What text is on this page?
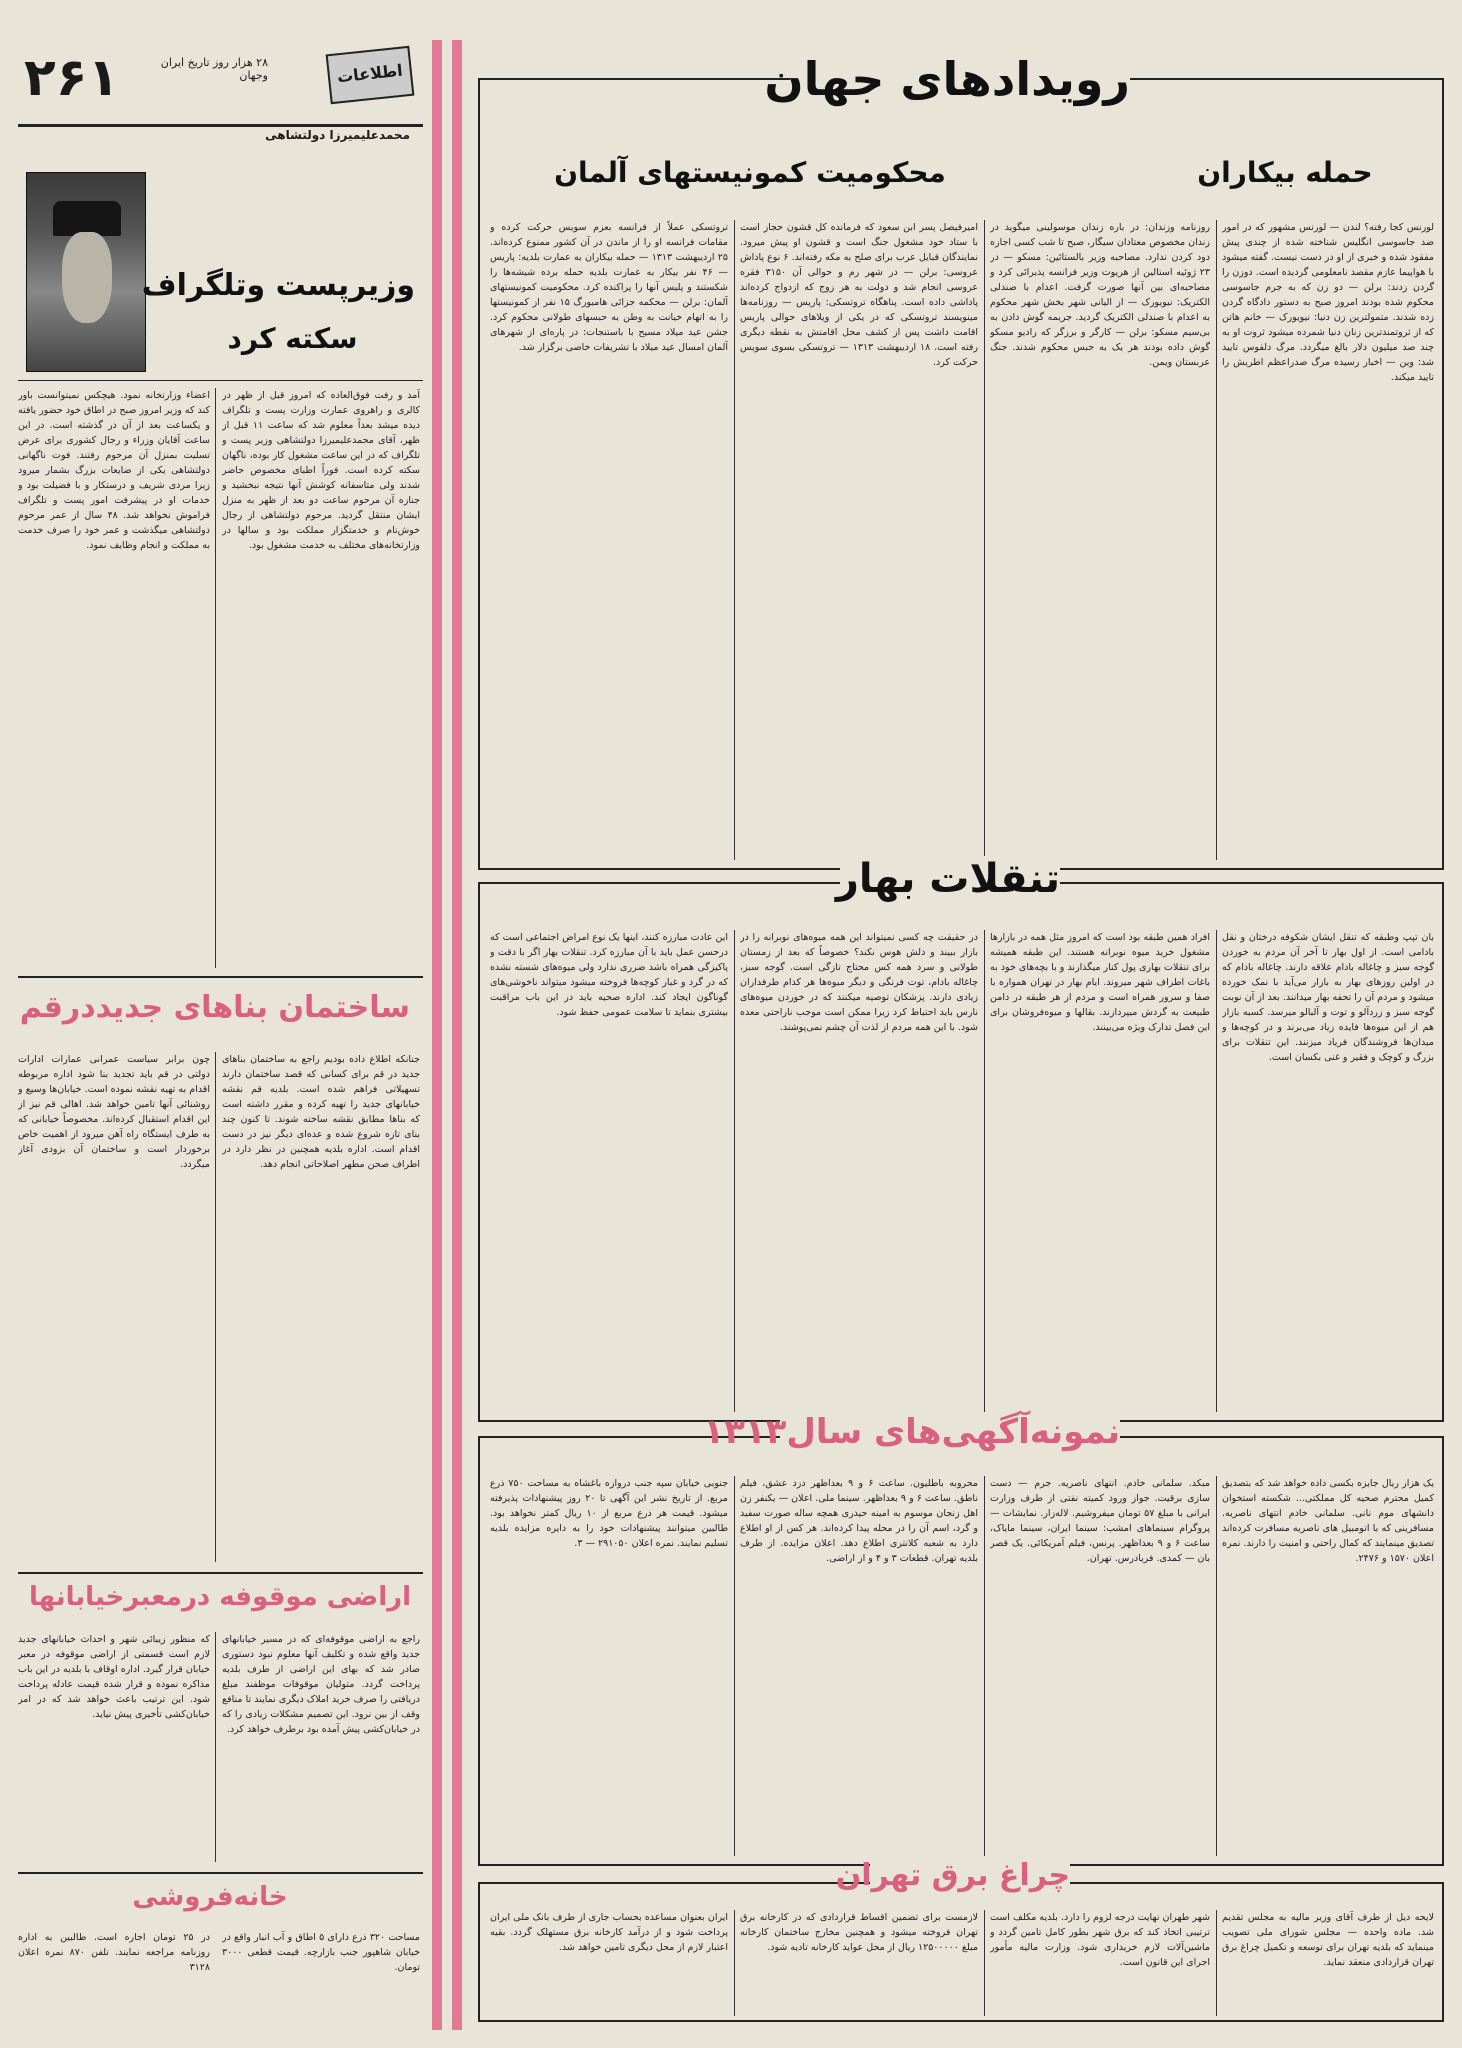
۲۶۱	۲۸ هزار روز تاریخ ایران وجهان	اطلاعات
محمدعلیمیرزا دولتشاهی
وزیرپست وتلگراف
سکته کرد
آمد و رفت فوق‌العاده که امروز قبل از ظهر در کالری و راهروی عمارت وزارت پست و تلگراف دیده میشد بعداً معلوم شد که ساعت ۱۱ قبل از ظهر، آقای محمدعلیمیرزا دولتشاهی وزیر پست و تلگراف که در این ساعت مشغول کار بوده، ناگهان سکته کرده است. فوراً اطبای مخصوص حاضر شدند ولی متاسفانه کوشش آنها نتیجه نبخشید و جنازه آن مرحوم ساعت دو بعد از ظهر به منزل ایشان منتقل گردید. مرحوم دولتشاهی از رجال خوش‌نام و خدمتگزار مملکت بود و سالها در وزارتخانه‌های مختلف به خدمت مشغول بود.
اعضاء وزارتخانه نمود. هیچکس نمیتوانست باور کند که وزیر امروز صبح در اطاق خود حضور یافته و یکساعت بعد از آن در گذشته است. در این ساعت آقایان وزراء و رجال کشوری برای عرض تسلیت بمنزل آن مرحوم رفتند. فوت ناگهانی دولتشاهی یکی از ضایعات بزرگ بشمار میرود زیرا مردی شریف و درستکار و با فضیلت بود و خدمات او در پیشرفت امور پست و تلگراف فراموش نخواهد شد. ۴۸ سال از عمر مرحوم دولتشاهی میگذشت و عمر خود را صرف خدمت به مملکت و انجام وظایف نمود.
ساختمان بناهای جدیددرقم
جنانکه اطلاع داده بودیم راجع به ساختمان بناهای جدید در قم برای کسانی که قصد ساختمان دارند تسهیلاتی فراهم شده است. بلدیه قم نقشه خیابانهای جدید را تهیه کرده و مقرر داشته است که بناها مطابق نقشه ساخته شوند. تا کنون چند بنای تازه شروع شده و عده‌ای دیگر نیز در دست اقدام است. اداره بلدیه همچنین در نظر دارد در اطراف صحن مطهر اصلاحاتی انجام دهد.
چون برابر سیاست عمرانی عمارات ادارات دولتی در قم باید تجدید بنا شود اداره مربوطه اقدام به تهیه نقشه نموده است. خیابان‌ها وسیع و روشنائی آنها تامین خواهد شد. اهالی قم نیز از این اقدام استقبال کرده‌اند. مخصوصاً خیابانی که به طرف ایستگاه راه آهن میرود از اهمیت خاص برخوردار است و ساختمان آن بزودی آغاز میگردد.
اراضی موقوفه درمعبرخیابانها
راجع به اراضی موقوفه‌ای که در مسیر خیابانهای جدید واقع شده و تکلیف آنها معلوم نبود دستوری صادر شد که بهای این اراضی از طرف بلدیه پرداخت گردد. متولیان موقوفات موظفند مبلغ دریافتی را صرف خرید املاک دیگری نمایند تا منافع وقف از بین نرود. این تصمیم مشکلات زیادی را که در خیابان‌کشی پیش آمده بود برطرف خواهد کرد.
که منظور زیبائی شهر و احداث خیابانهای جدید لازم است قسمتی از اراضی موقوفه در معبر خیابان قرار گیرد. اداره اوقاف با بلدیه در این باب مذاکره نموده و قرار شده قیمت عادله پرداخت شود. این ترتیب باعث خواهد شد که در امر خیابان‌کشی تأخیری پیش نیاید.
خانه‌فروشی
مساحت ۳۲۰ ذرع دارای ۵ اطاق و آب انبار واقع در خیابان شاهپور جنب بازارچه. قیمت قطعی ۳۰۰۰ تومان.
در ۲۵ تومان اجاره است. طالبین به اداره روزنامه مراجعه نمایند. تلفن ۸۷۰ نمره اعلان ۳۱۲۸
رویدادهای جهان
حمله بیکاران
محکومیت کمونیستهای آلمان
لورنس کجا رفته؟ لندن — لورنس مشهور که در امور ضد جاسوسی انگلیس شناخته شده از چندی پیش مفقود شده و خبری از او در دست نیست. گفته میشود با هواپیما عازم مقصد نامعلومی گردیده است. دوزن را گردن زدند: برلن — دو زن که به جرم جاسوسی محکوم شده بودند امروز صبح به دستور دادگاه گردن زده شدند. متمولترین زن دنیا: نیویورک — خانم هاتن که از ثروتمندترین زنان دنیا شمرده میشود ثروت او به چند صد میلیون دلار بالغ میگردد. مرگ دلفوس تایید شد: وین — اخبار رسیده مرگ صدراعظم اطریش را تایید میکند.
روزنامه وزندان: در باره زندان موسولینی میگوید در زندان مخصوص معتادان سیگار، صبح تا شب کسی اجازه دود کردن ندارد. مصاحبه وزیر بالستائین: مسکو — در ۲۳ ژوئیه استالین از هریوت وزیر فرانسه پذیرائی کرد و مصاحبه‌ای بین آنها صورت گرفت. اعدام با صندلی الکتریک: نیویورک — از الیانی شهر بخش شهر محکوم به اعدام با صندلی الکتریک گردید. جریمه گوش دادن به بی‌سیم مسکو: برلن — کارگر و برزگر که رادیو مسکو گوش داده بودند هر یک به حبس محکوم شدند. جنگ عربستان ویمن.
امیرفیصل پسر ابن سعود که فرمانده کل قشون حجاز است با ستاد خود مشغول جنگ است و قشون او پیش میرود. نمایندگان قبایل عرب برای صلح به مکه رفته‌اند. ۶ نوع پاداش عروسی: برلن — در شهر رم و حوالی آن ۳۱۵۰ فقره عروسی انجام شد و دولت به هر زوج که ازدواج کرده‌اند پاداشی داده است. پناهگاه تروتسکی: پاریس — روزنامه‌ها مینویسند تروتسکی که در یکی از ویلاهای حوالی پاریس اقامت داشت پس از کشف محل اقامتش به نقطه دیگری رفته است. ۱۸ اردیبهشت ۱۳۱۳ — تروتسکی بسوی سویس حرکت کرد.
تروتسکی عملاً از فرانسه بعزم سویس حرکت کرده و مقامات فرانسه او را از ماندن در آن کشور ممنوع کرده‌اند. ۲۵ اردیبهشت ۱۳۱۳ — حمله بیکاران به عمارت بلدیه: پاریس — ۴۶ نفر بیکار به عمارت بلدیه حمله برده شیشه‌ها را شکستند و پلیس آنها را پراکنده کرد. محکومیت کمونیستهای آلمان: برلن — محکمه جزائی هامبورگ ۱۵ نفر از کمونیستها را به اتهام خیانت به وطن به حبسهای طولانی محکوم کرد. جشن عید میلاد مسیح با باستنجات: در پاره‌ای از شهرهای آلمان امسال عید میلاد با تشریفات خاصی برگزار شد.
تنقلات بهار
بان تپپ وطبقه که تنقل ایشان شکوفه درختان و نقل بادامی است. از اول بهار تا آخر آن مردم به خوردن گوجه سبز و چاغاله بادام علاقه دارند. چاغاله بادام که در اولین روزهای بهار به بازار می‌آید با نمک خورده میشود و مردم آن را تحفه بهار میدانند. بعد از آن نوبت گوجه سبز و زردآلو و توت و آلبالو میرسد. کسبه بازار هم از این میوه‌ها فایده زیاد می‌برند و در کوچه‌ها و میدان‌ها فروشندگان فریاد میزنند. این تنقلات برای بزرگ و کوچک و فقیر و غنی بکسان است.
افراد همین طبقه بود است که امروز مثل همه در بازارها مشغول خرید میوه نوبرانه هستند. این طبقه همیشه برای تنقلات بهاری پول کنار میگذارند و با بچه‌های خود به باغات اطراف شهر میروند. ایام بهار در تهران همواره با صفا و سرور همراه است و مردم از هر طبقه در دامن طبیعت به گردش میپردازند. بقالها و میوه‌فروشان برای این فصل تدارک ویژه می‌بینند.
در حقیقت چه کسی نمیتواند این همه میوه‌های نوبرانه را در بازار ببیند و دلش هوس نکند؟ خصوصاً که بعد از زمستان طولانی و سرد همه کس محتاج تازگی است. گوجه سبز، چاغاله بادام، توت فرنگی و دیگر میوه‌ها هر کدام طرفداران زیادی دارند. پزشکان توصیه میکنند که در خوردن میوه‌های نارس باید احتیاط کرد زیرا ممکن است موجب ناراحتی معده شود. با این همه مردم از لذت آن چشم نمی‌پوشند.
این عادت مبارزه کنند، اینها یک نوع امراض اجتماعی است که درحسن عمل باید با آن مبارزه کرد. تنقلات بهار اگر با دقت و پاکیزگی همراه باشد ضرری ندارد ولی میوه‌های شسته نشده که در گرد و غبار کوچه‌ها فروخته میشود میتواند ناخوشی‌های گوناگون ایجاد کند. اداره صحیه باید در این باب مراقبت بیشتری بنماید تا سلامت عمومی حفظ شود.
نمونه‌آگهی‌های سال۱۳۱۳
یک هزار ریال جایزه بکسی داده خواهد شد که بتصدیق کمیل محترم صحیه کل مملکتی... شکسته استخوان دانشهای موم نانی. سلمانی خادم انتهای ناصریه. مسافرینی که با اتومبیل های ناصریه مسافرت کرده‌اند تصدیق مینمایند که کمال راحتی و امنیت را دارند. نمره اعلان ۱۵۷۰ و ۲۴۷۶.
مبکد. سلمانی خادم. انتهای ناصریه. جرم — دست سازی برقیت. جواز ورود کمیته نفتی از طرف وزارت ایرانی با مبلغ ۵۷ تومان میفروشیم. لاله‌زار. نمایشات — پروگرام سینماهای امشب: سینما ایران، سینما مایاک، ساعت ۶ و ۹ بعداظهر. پرنس، فیلم آمریکائی. یک قصر بان — کمدی. فریادرس. تهران.
محروبه باطلیون. ساعت ۶ و ۹ بعداظهر دزد عشق، فیلم ناطق. ساعت ۶ و ۹ بعداظهر. سینما ملی. اعلان — یکنفر زن اهل زنجان موسوم به امینه حیدری همچه ساله صورت سفید و گرد، اسم آن را در محله پیدا کرده‌اند. هر کس از او اطلاع دارد به شعبه کلانتری اطلاع دهد. اعلان مزایده. از طرف بلدیه تهران. قطعات ۳ و ۴ و از اراضی.
جنوبی خیابان سپه جنب دروازه باغشاه به مساحت ۷۵۰ ذرع مربع. از تاریخ نشر این آگهی تا ۲۰ روز پیشنهادات پذیرفته میشود. قیمت هر ذرع مربع از ۱۰ ریال کمتر نخواهد بود. طالبین میتوانند پیشنهادات خود را به دایره مزایده بلدیه تسلیم نمایند. نمره اعلان ۲۹۱۰۵۰ — ۳.
چراغ برق تهران
لایحه دیل از طرف آقای وزیر مالیه به مجلس تقدیم شد. ماده واحده — مجلس شورای ملی تصویب مینماید که بلدیه تهران برای توسعه و تکمیل چراغ برق تهران قراردادی منعقد نماید.
شهر طهران نهایت درجه لزوم را دارد. بلدیه مکلف است ترتیبی اتخاذ کند که برق شهر بطور کامل تامین گردد و ماشین‌آلات لازم خریداری شود. وزارت مالیه مأمور اجرای این قانون است.
لازمست برای تضمین اقساط قراردادی که در کارخانه برق تهران فروخته میشود و همچنین مخارج ساختمان کارخانه مبلغ ۱۲۵۰۰۰۰۰ ریال از محل عواید کارخانه تادیه شود.
ایران بعنوان مساعده بحساب جاری از طرف بانک ملی ایران پرداخت شود و از درآمد کارخانه برق مستهلک گردد. بقیه اعتبار لازم از محل دیگری تامین خواهد شد.
